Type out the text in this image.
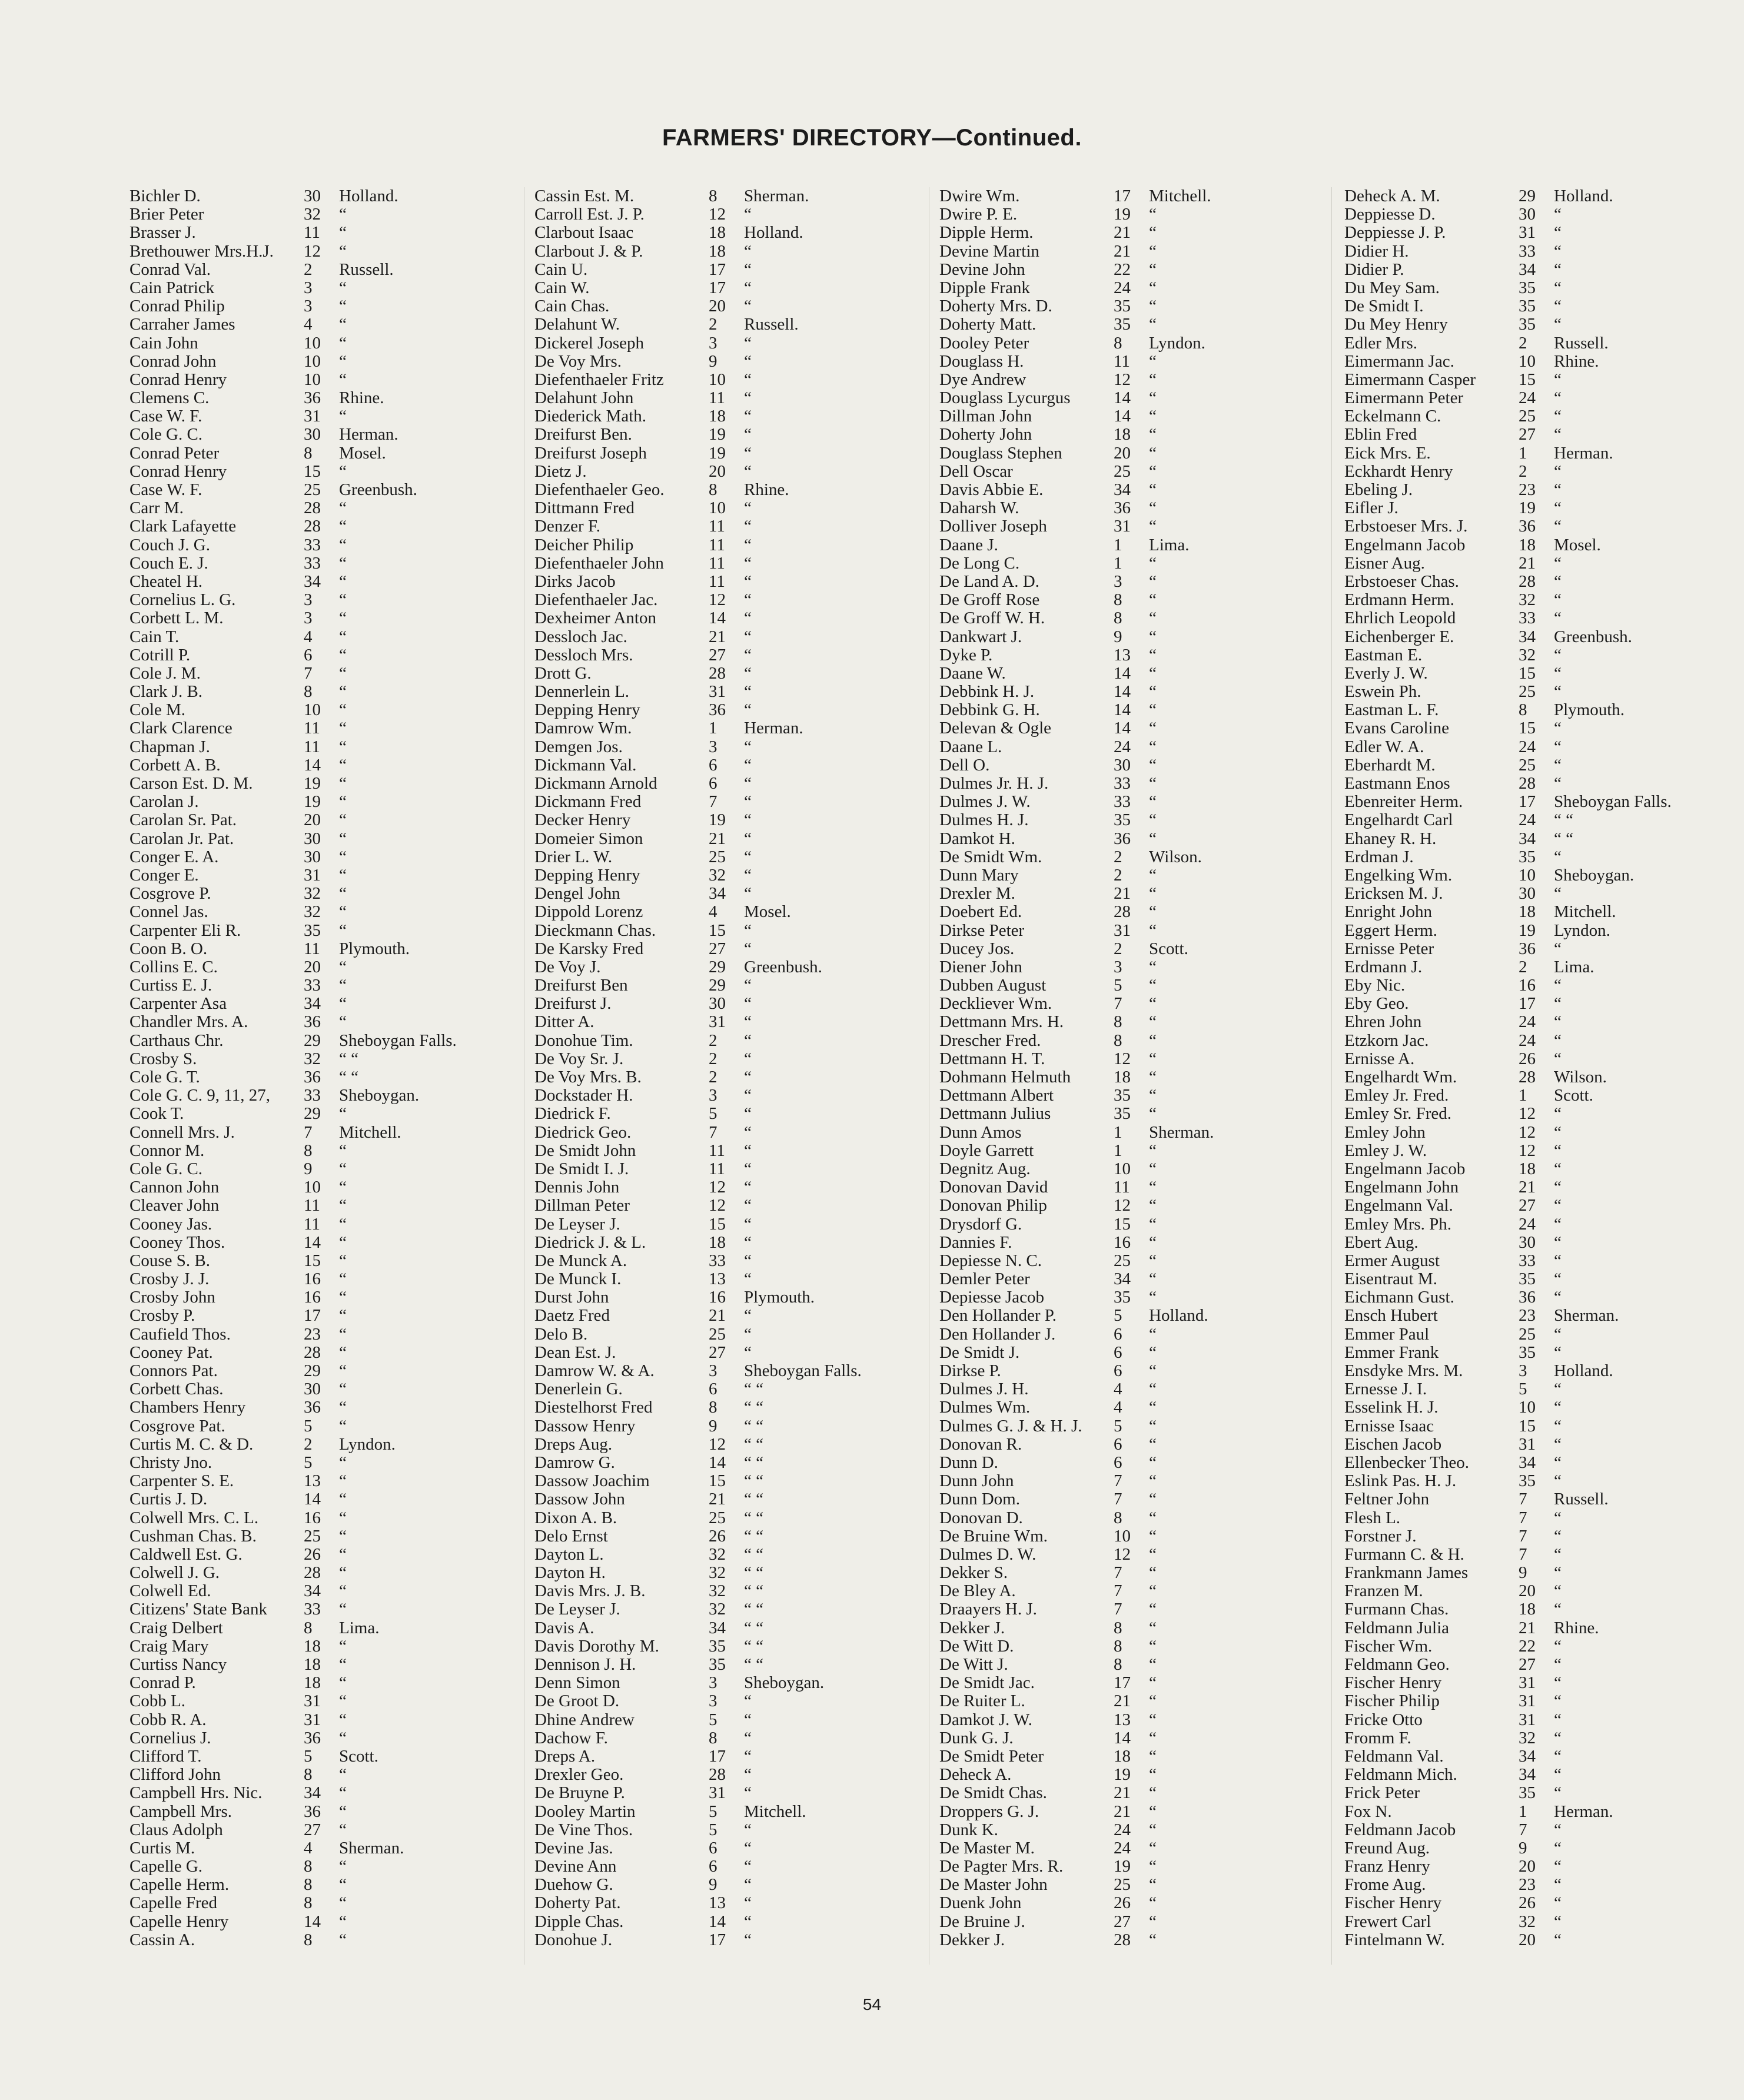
FARMERS' DIRECTORY—Continued.
Bichler D.	30	Holland.
Brier Peter	32	“
Brasser J.	11	“
Brethouwer Mrs.H.J. 12	“
Conrad Val.	2	Russell.
Cain Patrick	3	“
Conrad Philip	3	“
Carraher James	4	“
Cain John	10	“
Conrad John	10	“
Conrad Henry	10	“
Clemens C.	36	Rhine.
Case W. F.	31	“
Cole G. C.	30	Herman.
Conrad Peter	8	Mosel.
Conrad Henry	15	“
Case W. F.	25	Greenbush.
Carr M.	28	“
Clark Lafayette	28	“
Couch J. G.	33	“
Couch E. J.	33	“
Cheatel H.	34	“
Cornelius L. G.	3	“
Corbett L. M.	3	“
Cain T.	4	“
Cotrill P.	6	“
Cole J. M.	7	“
Clark J. B.	8	“
Cole M.	10	“
Clark Clarence	11	“
Chapman J.	11	“
Corbett A. B.	14	“
Carson Est. D. M.	19	“
Carolan J.	19	“
Carolan Sr. Pat.	20	“
Carolan Jr. Pat.	30	“
Conger E. A.	30	“
Conger E.	31	“
Cosgrove P.	32	“
Connel Jas.	32	“
Carpenter Eli R.	35	“
Coon B. O.	11	Plymouth.
Collins E. C.	20	“
Curtiss E. J.	33	“
Carpenter Asa	34	“
Chandler Mrs. A.	36	“
Carthaus Chr.	29	Sheboygan Falls.
Crosby S.	32	“ “
Cole G. T.	36	“ “
Cole G. C. 9, 11, 27, 33	Sheboygan.
Cook T.	29	“
Connell Mrs. J.	7	Mitchell.
Connor M.	8	“
Cole G. C.	9	“
Cannon John	10	“
Cleaver John	11	“
Cooney Jas.	11	“
Cooney Thos.	14	“
Couse S. B.	15	“
Crosby J. J.	16	“
Crosby John	16	“
Crosby P.	17	“
Caufield Thos.	23	“
Cooney Pat.	28	“
Connors Pat.	29	“
Corbett Chas.	30	“
Chambers Henry	36	“
Cosgrove Pat.	5	“
Curtis M. C. & D.	2	Lyndon.
Christy Jno.	5	“
Carpenter S. E.	13	“
Curtis J. D.	14	“
Colwell Mrs. C. L.	16	“
Cushman Chas. B.	25	“
Caldwell Est. G.	26	“
Colwell J. G.	28	“
Colwell Ed.	34	“
Citizens' State Bank 33	“
Craig Delbert	8	Lima.
Craig Mary	18	“
Curtiss Nancy	18	“
Conrad P.	18	“
Cobb L.	31	“
Cobb R. A.	31	“
Cornelius J.	36	“
Clifford T.	5	Scott.
Clifford John	8	“
Campbell Hrs. Nic. 34	“
Campbell Mrs.	36	“
Claus Adolph	27	“
Curtis M.	4	Sherman.
Capelle G.	8	“
Capelle Herm.	8	“
Capelle Fred	8	“
Capelle Henry	14	“
Cassin A.	8	“
Cassin Est. M.	8	Sherman.
Carroll Est. J. P.	12	“
Clarbout Isaac	18	Holland.
Clarbout J. & P.	18	“
Cain U.	17	“
Cain W.	17	“
Cain Chas.	20	“
Delahunt W.	2	Russell.
Dickerel Joseph	3	“
De Voy Mrs.	9	“
Diefenthaeler Fritz	10	“
Delahunt John	11	“
Diederick Math.	18	“
Dreifurst Ben.	19	“
Dreifurst Joseph	19	“
Dietz J.	20	“
Diefenthaeler Geo.	8	Rhine.
Dittmann Fred	10	“
Denzer F.	11	“
Deicher Philip	11	“
Diefenthaeler John	11	“
Dirks Jacob	11	“
Diefenthaeler Jac.	12	“
Dexheimer Anton	14	“
Dessloch Jac.	21	“
Dessloch Mrs.	27	“
Drott G.	28	“
Dennerlein L.	31	“
Depping Henry	36	“
Damrow Wm.	1	Herman.
Demgen Jos.	3	“
Dickmann Val.	6	“
Dickmann Arnold	6	“
Dickmann Fred	7	“
Decker Henry	19	“
Domeier Simon	21	“
Drier L. W.	25	“
Depping Henry	32	“
Dengel John	34	“
Dippold Lorenz	4	Mosel.
Dieckmann Chas.	15	“
De Karsky Fred	27	“
De Voy J.	29	Greenbush.
Dreifurst Ben	29	“
Dreifurst J.	30	“
Ditter A.	31	“
Donohue Tim.	2	“
De Voy Sr. J.	2	“
De Voy Mrs. B.	2	“
Dockstader H.	3	“
Diedrick F.	5	“
Diedrick Geo.	7	“
De Smidt John	11	“
De Smidt I. J.	11	“
Dennis John	12	“
Dillman Peter	12	“
De Leyser J.	15	“
Diedrick J. & L.	18	“
De Munck A.	33	“
De Munck I.	13	“
Durst John	16	Plymouth.
Daetz Fred	21	“
Delo B.	25	“
Dean Est. J.	27	“
Damrow W. & A.	3	Sheboygan Falls.
Denerlein G.	6	“ “
Diestelhorst Fred	8	“ “
Dassow Henry	9	“ “
Dreps Aug.	12	“ “
Damrow G.	14	“ “
Dassow Joachim	15	“ “
Dassow John	21	“ “
Dixon A. B.	25	“ “
Delo Ernst	26	“ “
Dayton L.	32	“ “
Dayton H.	32	“ “
Davis Mrs. J. B.	32	“ “
De Leyser J.	32	“ “
Davis A.	34	“ “
Davis Dorothy M.	35	“ “
Dennison J. H.	35	“ “
Denn Simon	3	Sheboygan.
De Groot D.	3	“
Dhine Andrew	5	“
Dachow F.	8	“
Dreps A.	17	“
Drexler Geo.	28	“
De Bruyne P.	31	“
Dooley Martin	5	Mitchell.
De Vine Thos.	5	“
Devine Jas.	6	“
Devine Ann	6	“
Duehow G.	9	“
Doherty Pat.	13	“
Dipple Chas.	14	“
Donohue J.	17	“
Dwire Wm.	17	Mitchell.
Dwire P. E.	19	“
Dipple Herm.	21	“
Devine Martin	21	“
Devine John	22	“
Dipple Frank	24	“
Doherty Mrs. D.	35	“
Doherty Matt.	35	“
Dooley Peter	8	Lyndon.
Douglass H.	11	“
Dye Andrew	12	“
Douglass Lycurgus	14	“
Dillman John	14	“
Doherty John	18	“
Douglass Stephen	20	“
Dell Oscar	25	“
Davis Abbie E.	34	“
Daharsh W.	36	“
Dolliver Joseph	31	“
Daane J.	1	Lima.
De Long C.	1	“
De Land A. D.	3	“
De Groff Rose	8	“
De Groff W. H.	8	“
Dankwart J.	9	“
Dyke P.	13	“
Daane W.	14	“
Debbink H. J.	14	“
Debbink G. H.	14	“
Delevan & Ogle	14	“
Daane L.	24	“
Dell O.	30	“
Dulmes Jr. H. J.	33	“
Dulmes J. W.	33	“
Dulmes H. J.	35	“
Damkot H.	36	“
De Smidt Wm.	2	Wilson.
Dunn Mary	2	“
Drexler M.	21	“
Doebert Ed.	28	“
Dirkse Peter	31	“
Ducey Jos.	2	Scott.
Diener John	3	“
Dubben August	5	“
Deckliever Wm.	7	“
Dettmann Mrs. H.	8	“
Drescher Fred.	8	“
Dettmann H. T.	12	“
Dohmann Helmuth	18	“
Dettmann Albert	35	“
Dettmann Julius	35	“
Dunn Amos	1	Sherman.
Doyle Garrett	1	“
Degnitz Aug.	10	“
Donovan David	11	“
Donovan Philip	12	“
Drysdorf G.	15	“
Dannies F.	16	“
Depiesse N. C.	25	“
Demler Peter	34	“
Depiesse Jacob	35	“
Den Hollander P.	5	Holland.
Den Hollander J.	6	“
De Smidt J.	6	“
Dirkse P.	6	“
Dulmes J. H.	4	“
Dulmes Wm.	4	“
Dulmes G. J. & H. J. 5	“
Donovan R.	6	“
Dunn D.	6	“
Dunn John	7	“
Dunn Dom.	7	“
Donovan D.	8	“
De Bruine Wm.	10	“
Dulmes D. W.	12	“
Dekker S.	7	“
De Bley A.	7	“
Draayers H. J.	7	“
Dekker J.	8	“
De Witt D.	8	“
De Witt J.	8	“
De Smidt Jac.	17	“
De Ruiter L.	21	“
Damkot J. W.	13	“
Dunk G. J.	14	“
De Smidt Peter	18	“
Deheck A.	19	“
De Smidt Chas.	21	“
Droppers G. J.	21	“
Dunk K.	24	“
De Master M.	24	“
De Pagter Mrs. R.	19	“
De Master John	25	“
Duenk John	26	“
De Bruine J.	27	“
Dekker J.	28	“
Deheck A. M.	29	Holland.
Deppiesse D.	30	“
Deppiesse J. P.	31	“
Didier H.	33	“
Didier P.	34	“
Du Mey Sam.	35	“
De Smidt I.	35	“
Du Mey Henry	35	“
Edler Mrs.	2	Russell.
Eimermann Jac.	10	Rhine.
Eimermann Casper	15	“
Eimermann Peter	24	“
Eckelmann C.	25	“
Eblin Fred	27	“
Eick Mrs. E.	1	Herman.
Eckhardt Henry	2	“
Ebeling J.	23	“
Eifler J.	19	“
Erbstoeser Mrs. J.	36	“
Engelmann Jacob	18	Mosel.
Eisner Aug.	21	“
Erbstoeser Chas.	28	“
Erdmann Herm.	32	“
Ehrlich Leopold	33	“
Eichenberger E.	34	Greenbush.
Eastman E.	32	“
Everly J. W.	15	“
Eswein Ph.	25	“
Eastman L. F.	8	Plymouth.
Evans Caroline	15	“
Edler W. A.	24	“
Eberhardt M.	25	“
Eastmann Enos	28	“
Ebenreiter Herm.	17	Sheboygan Falls.
Engelhardt Carl	24	“ “
Ehaney R. H.	34	“ “
Erdman J.	35	“
Engelking Wm.	10	Sheboygan.
Ericksen M. J.	30	“
Enright John	18	Mitchell.
Eggert Herm.	19	Lyndon.
Ernisse Peter	36	“
Erdmann J.	2	Lima.
Eby Nic.	16	“
Eby Geo.	17	“
Ehren John	24	“
Etzkorn Jac.	24	“
Ernisse A.	26	“
Engelhardt Wm.	28	Wilson.
Emley Jr. Fred.	1	Scott.
Emley Sr. Fred.	12	“
Emley John	12	“
Emley J. W.	12	“
Engelmann Jacob	18	“
Engelmann John	21	“
Engelmann Val.	27	“
Emley Mrs. Ph.	24	“
Ebert Aug.	30	“
Ermer August	33	“
Eisentraut M.	35	“
Eichmann Gust.	36	“
Ensch Hubert	23	Sherman.
Emmer Paul	25	“
Emmer Frank	35	“
Ensdyke Mrs. M.	3	Holland.
Ernesse J. I.	5	“
Esselink H. J.	10	“
Ernisse Isaac	15	“
Eischen Jacob	31	“
Ellenbecker Theo.	34	“
Eslink Pas. H. J.	35	“
Feltner John	7	Russell.
Flesh L.	7	“
Forstner J.	7	“
Furmann C. & H.	7	“
Frankmann James	9	“
Franzen M.	20	“
Furmann Chas.	18	“
Feldmann Julia	21	Rhine.
Fischer Wm.	22	“
Feldmann Geo.	27	“
Fischer Henry	31	“
Fischer Philip	31	“
Fricke Otto	31	“
Fromm F.	32	“
Feldmann Val.	34	“
Feldmann Mich.	34	“
Frick Peter	35	“
Fox N.	1	Herman.
Feldmann Jacob	7	“
Freund Aug.	9	“
Franz Henry	20	“
Frome Aug.	23	“
Fischer Henry	26	“
Frewert Carl	32	“
Fintelmann W.	20	“
54
